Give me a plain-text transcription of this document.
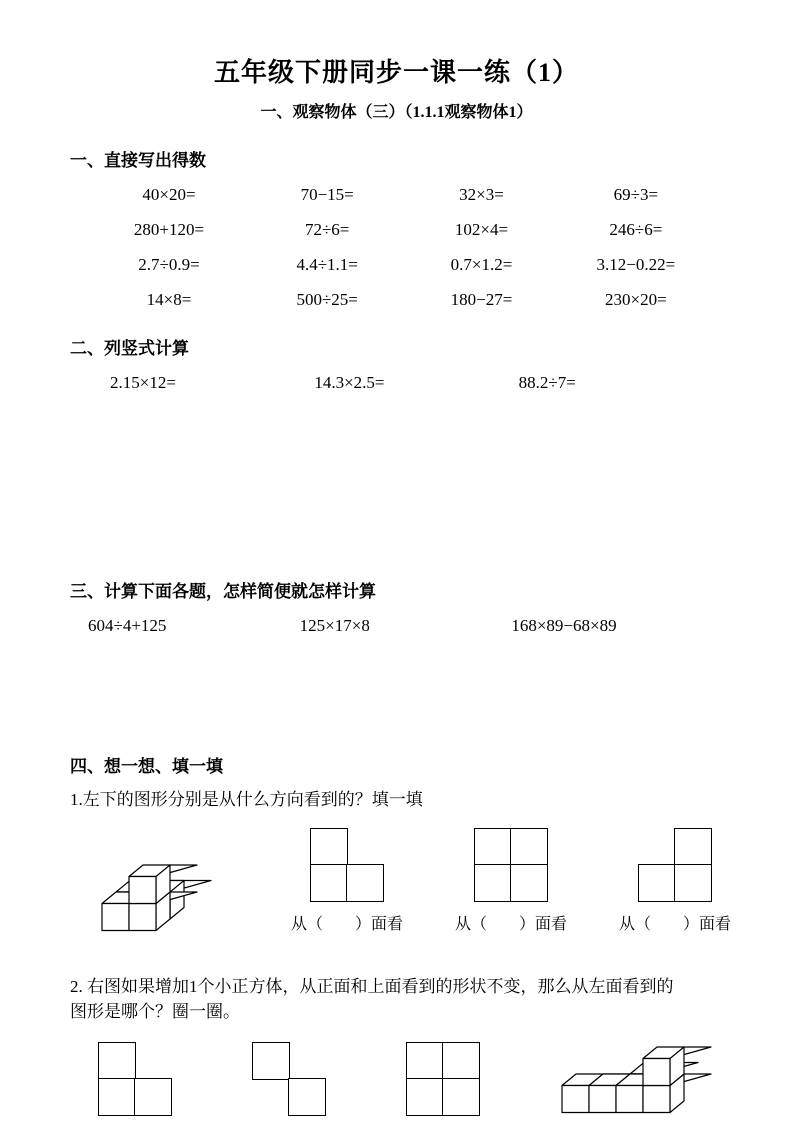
五年级下册同步一课一练（1）
一、观察物体（三）（1.1.1观察物体1）
一、直接写出得数
40×20=	70−15=	32×3=	69÷3=
280+120=	72÷6=	102×4=	246÷6=
2.7÷0.9=	4.4÷1.1=	0.7×1.2=	3.12−0.22=
14×8=	500÷25=	180−27=	230×20=
二、列竖式计算
2.15×12=	14.3×2.5=	88.2÷7=
三、计算下面各题，怎样简便就怎样计算
604÷4+125	125×17×8	168×89−68×89
四、想一想、填一填
1.左下的图形分别是从什么方向看到的？填一填
从（　　）面看	从（　　）面看	从（　　）面看
2. 右图如果增加1个小正方体，从正面和上面看到的形状不变，那么从左面看到的
图形是哪个？圈一圈。
